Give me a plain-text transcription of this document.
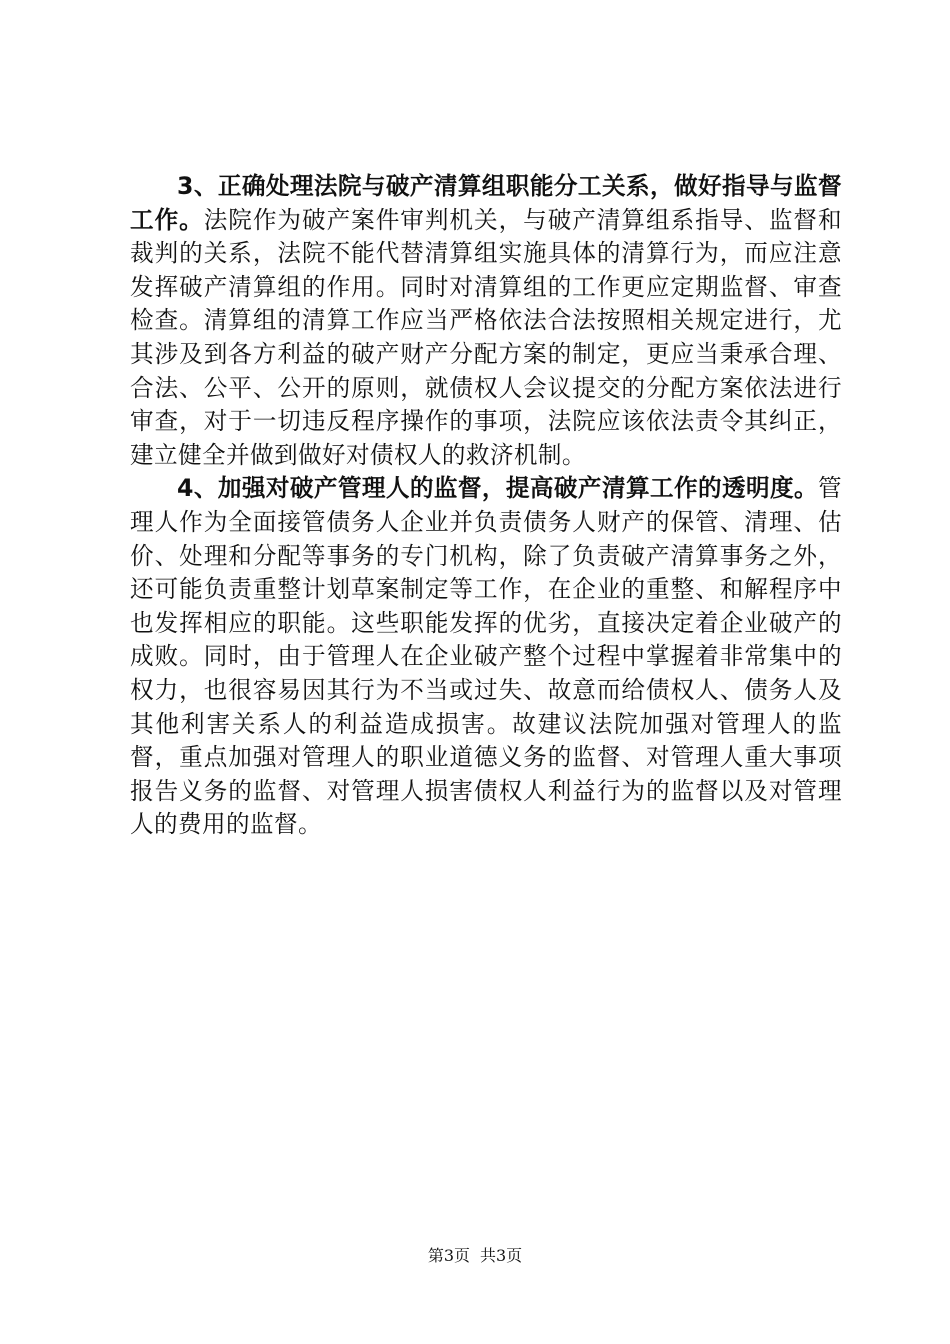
3、正确处理法院与破产清算组职能分工关系，做好指导与监督工作。法院作为破产案件审判机关，与破产清算组系指导、监督和裁判的关系，法院不能代替清算组实施具体的清算行为，而应注意发挥破产清算组的作用。同时对清算组的工作更应定期监督、审查检查。清算组的清算工作应当严格依法合法按照相关规定进行，尤其涉及到各方利益的破产财产分配方案的制定，更应当秉承合理、合法、公平、公开的原则，就债权人会议提交的分配方案依法进行审查，对于一切违反程序操作的事项，法院应该依法责令其纠正，建立健全并做到做好对债权人的救济机制。

4、加强对破产管理人的监督，提高破产清算工作的透明度。管理人作为全面接管债务人企业并负责债务人财产的保管、清理、估价、处理和分配等事务的专门机构，除了负责破产清算事务之外，还可能负责重整计划草案制定等工作，在企业的重整、和解程序中也发挥相应的职能。这些职能发挥的优劣，直接决定着企业破产的成败。同时，由于管理人在企业破产整个过程中掌握着非常集中的权力，也很容易因其行为不当或过失、故意而给债权人、债务人及其他利害关系人的利益造成损害。故建议法院加强对管理人的监督，重点加强对管理人的职业道德义务的监督、对管理人重大事项报告义务的监督、对管理人损害债权人利益行为的监督以及对管理人的费用的监督。

第3页 共3页
